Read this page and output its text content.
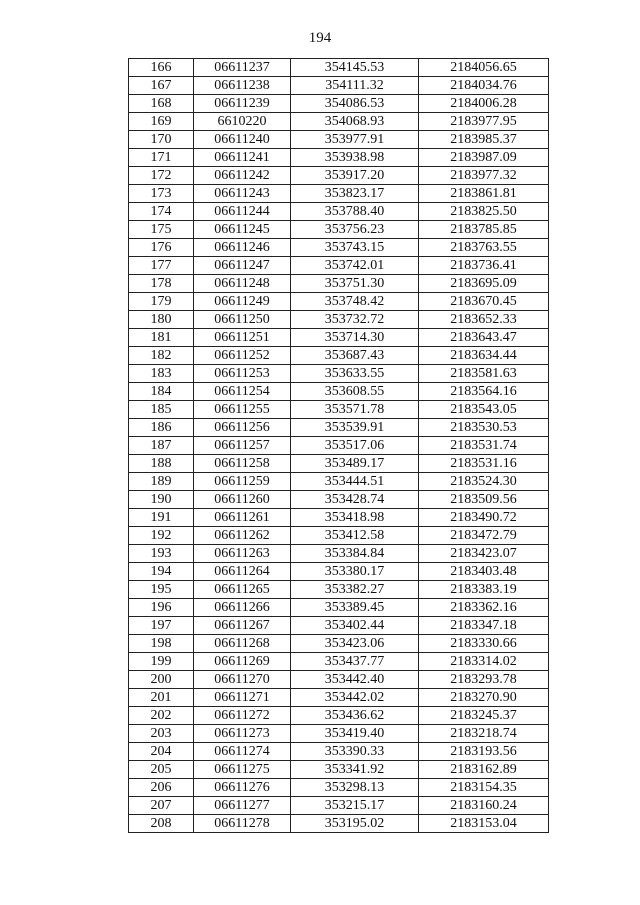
194
166	06611237	354145.53	2184056.65
167	06611238	354111.32	2184034.76
168	06611239	354086.53	2184006.28
169	6610220	354068.93	2183977.95
170	06611240	353977.91	2183985.37
171	06611241	353938.98	2183987.09
172	06611242	353917.20	2183977.32
173	06611243	353823.17	2183861.81
174	06611244	353788.40	2183825.50
175	06611245	353756.23	2183785.85
176	06611246	353743.15	2183763.55
177	06611247	353742.01	2183736.41
178	06611248	353751.30	2183695.09
179	06611249	353748.42	2183670.45
180	06611250	353732.72	2183652.33
181	06611251	353714.30	2183643.47
182	06611252	353687.43	2183634.44
183	06611253	353633.55	2183581.63
184	06611254	353608.55	2183564.16
185	06611255	353571.78	2183543.05
186	06611256	353539.91	2183530.53
187	06611257	353517.06	2183531.74
188	06611258	353489.17	2183531.16
189	06611259	353444.51	2183524.30
190	06611260	353428.74	2183509.56
191	06611261	353418.98	2183490.72
192	06611262	353412.58	2183472.79
193	06611263	353384.84	2183423.07
194	06611264	353380.17	2183403.48
195	06611265	353382.27	2183383.19
196	06611266	353389.45	2183362.16
197	06611267	353402.44	2183347.18
198	06611268	353423.06	2183330.66
199	06611269	353437.77	2183314.02
200	06611270	353442.40	2183293.78
201	06611271	353442.02	2183270.90
202	06611272	353436.62	2183245.37
203	06611273	353419.40	2183218.74
204	06611274	353390.33	2183193.56
205	06611275	353341.92	2183162.89
206	06611276	353298.13	2183154.35
207	06611277	353215.17	2183160.24
208	06611278	353195.02	2183153.04
